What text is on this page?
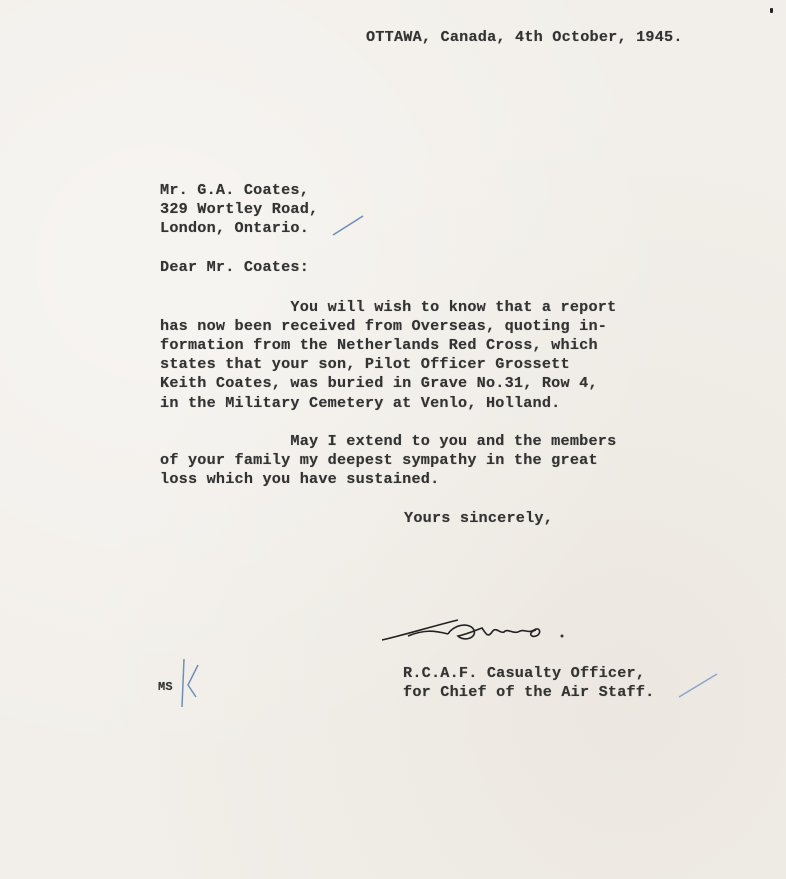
OTTAWA, Canada, 4th October, 1945.
Mr. G.A. Coates,
329 Wortley Road,
London, Ontario.
Dear Mr. Coates:
You will wish to know that a report
has now been received from Overseas, quoting in-
formation from the Netherlands Red Cross, which
states that your son, Pilot Officer Grossett
Keith Coates, was buried in Grave No.31, Row 4,
in the Military Cemetery at Venlo, Holland.
May I extend to you and the members
of your family my deepest sympathy in the great
loss which you have sustained.
Yours sincerely,
R.C.A.F. Casualty Officer,
for Chief of the Air Staff.
MS
